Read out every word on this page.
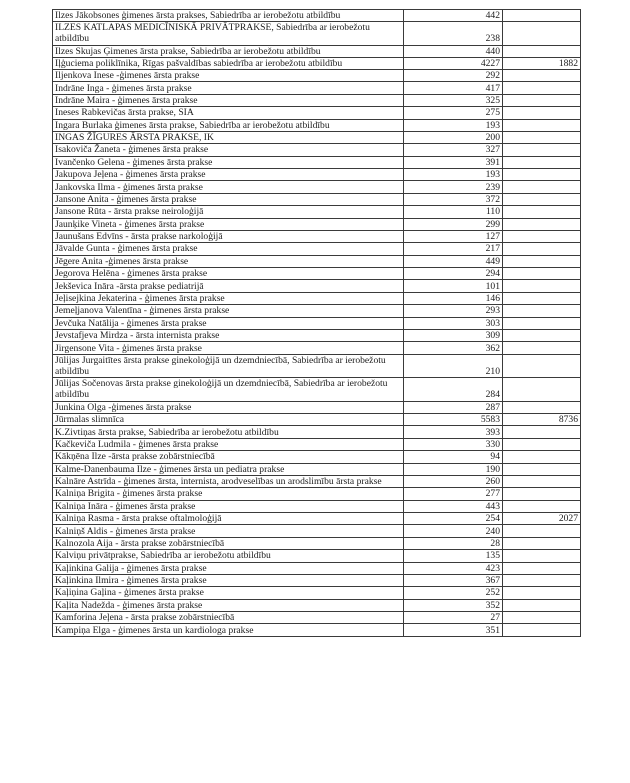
Ilzes Jākobsones ģimenes ārsta prakses, Sabiedrība ar ierobežotu atbildību	442	
ILZES KATLAPAS MEDICĪNISKĀ PRIVĀTPRAKSE, Sabiedrība ar ierobežotu atbildību	238	
Ilzes Skujas Ģimenes ārsta prakse, Sabiedrība ar ierobežotu atbildību	440	
Iļģuciema poliklīnika, Rīgas pašvaldības sabiedrība ar ierobežotu atbildību	4227	1882
Iljenkova Inese -ģimenes ārsta prakse	292	
Indrāne Inga - ģimenes ārsta prakse	417	
Indrāne Maira - ģimenes ārsta prakse	325	
Ineses Rabkevičas ārsta prakse, SIA	275	
Ingara Burlaka ģimenes ārsta prakse, Sabiedrība ar ierobežotu atbildību	193	
INGAS ŽĪGURES ĀRSTA PRAKSE, IK	200	
Isakoviča Žaneta - ģimenes ārsta prakse	327	
Ivančenko Gelena - ģimenes ārsta prakse	391	
Jakupova Jeļena - ģimenes ārsta prakse	193	
Jankovska Ilma - ģimenes ārsta prakse	239	
Jansone Anita - ģimenes ārsta prakse	372	
Jansone Rūta - ārsta prakse neiroloģijā	110	
Jaunķike Vineta - ģimenes ārsta prakse	299	
Jaunušans Edvīns - ārsta prakse narkoloģijā	127	
Jāvalde Gunta - ģimenes ārsta prakse	217	
Jēgere Anita -ģimenes ārsta prakse	449	
Jegorova Helēna - ģimenes ārsta prakse	294	
Jekševica Ināra -ārsta prakse pediatrijā	101	
Jeļisejkina Jekaterina - ģimenes ārsta prakse	146	
Jemeļjanova Valentīna - ģimenes ārsta prakse	293	
Jevčuka Natālija - ģimenes ārsta prakse	303	
Jevstafjeva Mirdza - ārsta internista prakse	309	
Jirgensone Vita - ģimenes ārsta prakse	362	
Jūlijas Jurgaitītes ārsta prakse ginekoloģijā un dzemdniecībā, Sabiedrība ar ierobežotu atbildību	210	
Jūlijas Sočenovas ārsta prakse ginekoloģijā un dzemdniecībā, Sabiedrība ar ierobežotu atbildību	284	
Junkina Olga -ģimenes ārsta prakse	287	
Jūrmalas slimnīca	5583	8736
K.Zivtiņas ārsta prakse, Sabiedrība ar ierobežotu atbildību	393	
Kačkeviča Ludmila - ģimenes ārsta prakse	330	
Kākņēna Ilze -ārsta prakse zobārstniecībā	94	
Kalme-Danenbauma Ilze - ģimenes ārsta un pediatra prakse	190	
Kalnāre Astrīda - ģimenes ārsta, internista, arodveselības un arodslimību ārsta prakse	260	
Kalniņa Brigita - ģimenes ārsta prakse	277	
Kalniņa Ināra - ģimenes ārsta prakse	443	
Kalniņa Rasma - ārsta prakse oftalmoloģijā	254	2027
Kalniņš Aldis - ģimenes ārsta prakse	240	
Kalnozola Aija - ārsta prakse zobārstniecībā	28	
Kalviņu privātprakse, Sabiedrība ar ierobežotu atbildību	135	
Kaļinkina Galija - ģimenes ārsta prakse	423	
Kaļinkina Ilmira - ģimenes ārsta prakse	367	
Kaļiņina Gaļina - ģimenes ārsta prakse	252	
Kaļita Nadežda - ģimenes ārsta prakse	352	
Kamforina Jeļena - ārsta prakse zobārstniecībā	27	
Kampiņa Elga - ģimenes ārsta un kardiologa prakse	351	
